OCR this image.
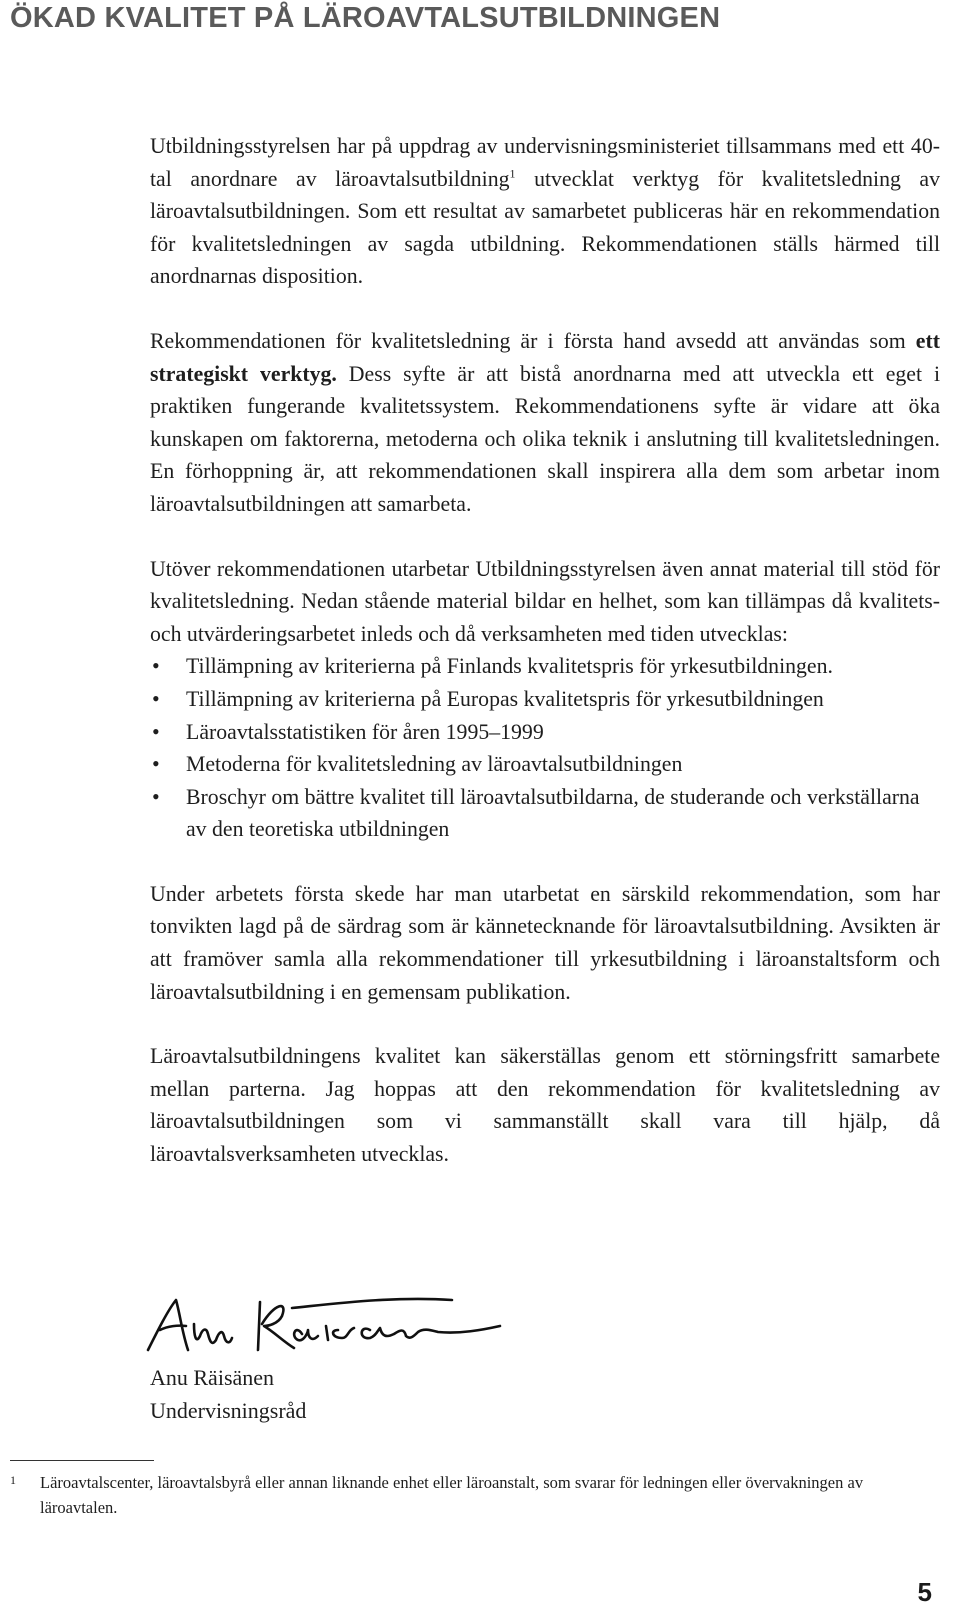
ÖKAD KVALITET PÅ LÄROAVTALSUTBILDNINGEN

Utbildningsstyrelsen har på uppdrag av undervisningsministeriet tillsammans med ett 40-tal anordnare av läroavtalsutbildning$^1$ utvecklat verktyg för kvalitetsledning av läroavtalsutbildningen. Som ett resultat av samarbetet publiceras här en rekommendation för kvalitetsledningen av sagda utbildning. Rekommendationen ställs härmed till anordnarnas disposition.

Rekommendationen för kvalitetsledning är i första hand avsedd att användas som ett strategiskt verktyg. Dess syfte är att bistå anordnarna med att utveckla ett eget i praktiken fungerande kvalitetssystem. Rekommendationens syfte är vidare att öka kunskapen om faktorerna, metoderna och olika teknik i anslutning till kvalitetsledningen. En förhoppning är, att rekommendationen skall inspirera alla dem som arbetar inom läroavtalsutbildningen att samarbeta.

Utöver rekommendationen utarbetar Utbildningsstyrelsen även annat material till stöd för kvalitetsledning. Nedan stående material bildar en helhet, som kan tillämpas då kvalitets- och utvärderingsarbetet inleds och då verksamheten med tiden utvecklas:

• Tillämpning av kriterierna på Finlands kvalitetspris för yrkesutbildningen.
• Tillämpning av kriterierna på Europas kvalitetspris för yrkesutbildningen
• Läroavtalsstatistiken för åren 1995–1999
• Metoderna för kvalitetsledning av läroavtalsutbildningen
• Broschyr om bättre kvalitet till läroavtalsutbildarna, de studerande och verkställarna av den teoretiska utbildningen

Under arbetets första skede har man utarbetat en särskild rekommendation, som har tonvikten lagd på de särdrag som är kännetecknande för läroavtalsutbildning. Avsikten är att framöver samla alla rekommendationer till yrkesutbildning i läroanstaltsform och läroavtalsutbildning i en gemensam publikation.

Läroavtalsutbildningens kvalitet kan säkerställas genom ett störningsfritt samarbete mellan parterna. Jag hoppas att den rekommendation för kvalitetsledning av läroavtalsutbildningen som vi sammanställt skall vara till hjälp, då läroavtalsverksamheten utvecklas.

Anu Räisänen
Undervisningsråd
1 Läroavtalscenter, läroavtalsbyrå eller annan liknande enhet eller läroanstalt, som svarar för ledningen eller övervakningen av läroavtalen.
5
